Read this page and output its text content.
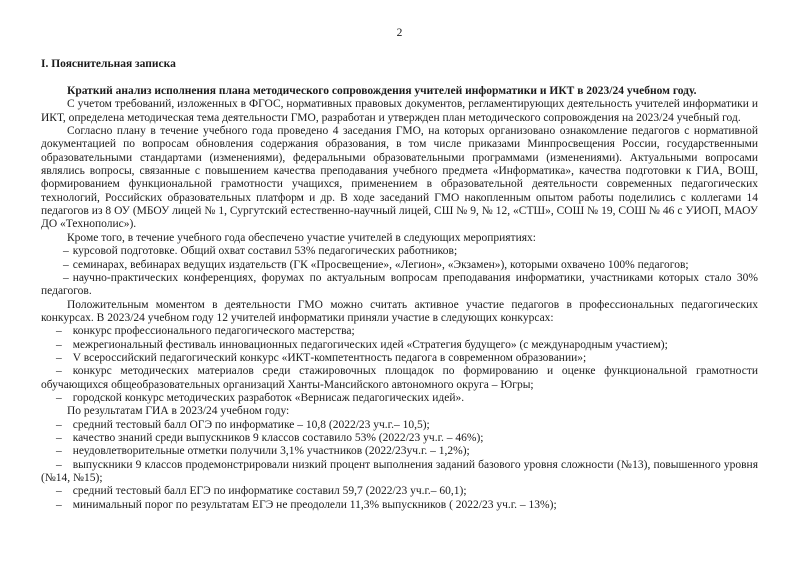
2
I. Пояснительная записка

Краткий анализ исполнения плана методического сопровождения учителей информатики и ИКТ в 2023/24 учебном году.

С учетом требований, изложенных в ФГОС, нормативных правовых документов, регламентирующих деятельность учителей информатики и ИКТ, определена методическая тема деятельности ГМО, разработан и утвержден план методического сопровождения на 2023/24 учебный год.

Согласно плану в течение учебного года проведено 4 заседания ГМО, на которых организовано ознакомление педагогов с нормативной документацией по вопросам обновления содержания образования, в том числе приказами Минпросвещения России, государственными образовательными стандартами (изменениями), федеральными образовательными программами (изменениями). Актуальными вопросами являлись вопросы, связанные с повышением качества преподавания учебного предмета «Информатика», качества подготовки к ГИА, ВОШ, формированием функциональной грамотности учащихся, применением в образовательной деятельности современных педагогических технологий, Российских образовательных платформ и др. В ходе заседаний ГМО накопленным опытом работы поделились с коллегами 14 педагогов из 8 ОУ (МБОУ лицей № 1, Сургутский естественно-научный лицей, СШ № 9, № 12, «СТШ», СОШ № 19, СОШ № 46 с УИОП, МАОУ ДО «Технополис»).

Кроме того, в течение учебного года обеспечено участие учителей в следующих мероприятиях:

– курсовой подготовке. Общий охват составил 53% педагогических работников;

– семинарах, вебинарах ведущих издательств (ГК «Просвещение», «Легион», «Экзамен»), которыми охвачено 100% педагогов;

– научно-практических конференциях, форумах по актуальным вопросам преподавания информатики, участниками которых стало 30% педагогов.

Положительным моментом в деятельности ГМО можно считать активное участие педагогов в профессиональных педагогических конкурсах. В 2023/24 учебном году 12 учителей информатики приняли участие в следующих конкурсах:

– конкурс профессионального педагогического мастерства;

– межрегиональный фестиваль инновационных педагогических идей «Стратегия будущего» (с международным участием);

– V всероссийский педагогический конкурс «ИКТ-компетентность педагога в современном образовании»;

– конкурс методических материалов среди стажировочных площадок по формированию и оценке функциональной грамотности обучающихся общеобразовательных организаций Ханты-Мансийского автономного округа – Югры;

– городской конкурс методических разработок «Вернисаж педагогических идей».

По результатам ГИА в 2023/24 учебном году:

– средний тестовый балл ОГЭ по информатике – 10,8 (2022/23 уч.г.– 10,5);

– качество знаний среди выпускников 9 классов составило 53% (2022/23 уч.г. – 46%);

– неудовлетворительные отметки получили 3,1% участников (2022/23уч.г. – 1,2%);

– выпускники 9 классов продемонстрировали низкий процент выполнения заданий базового уровня сложности (№13), повышенного уровня (№14, №15);

– средний тестовый балл ЕГЭ по информатике составил 59,7 (2022/23 уч.г.– 60,1);

– минимальный порог по результатам ЕГЭ не преодолели 11,3% выпускников ( 2022/23 уч.г. – 13%);
